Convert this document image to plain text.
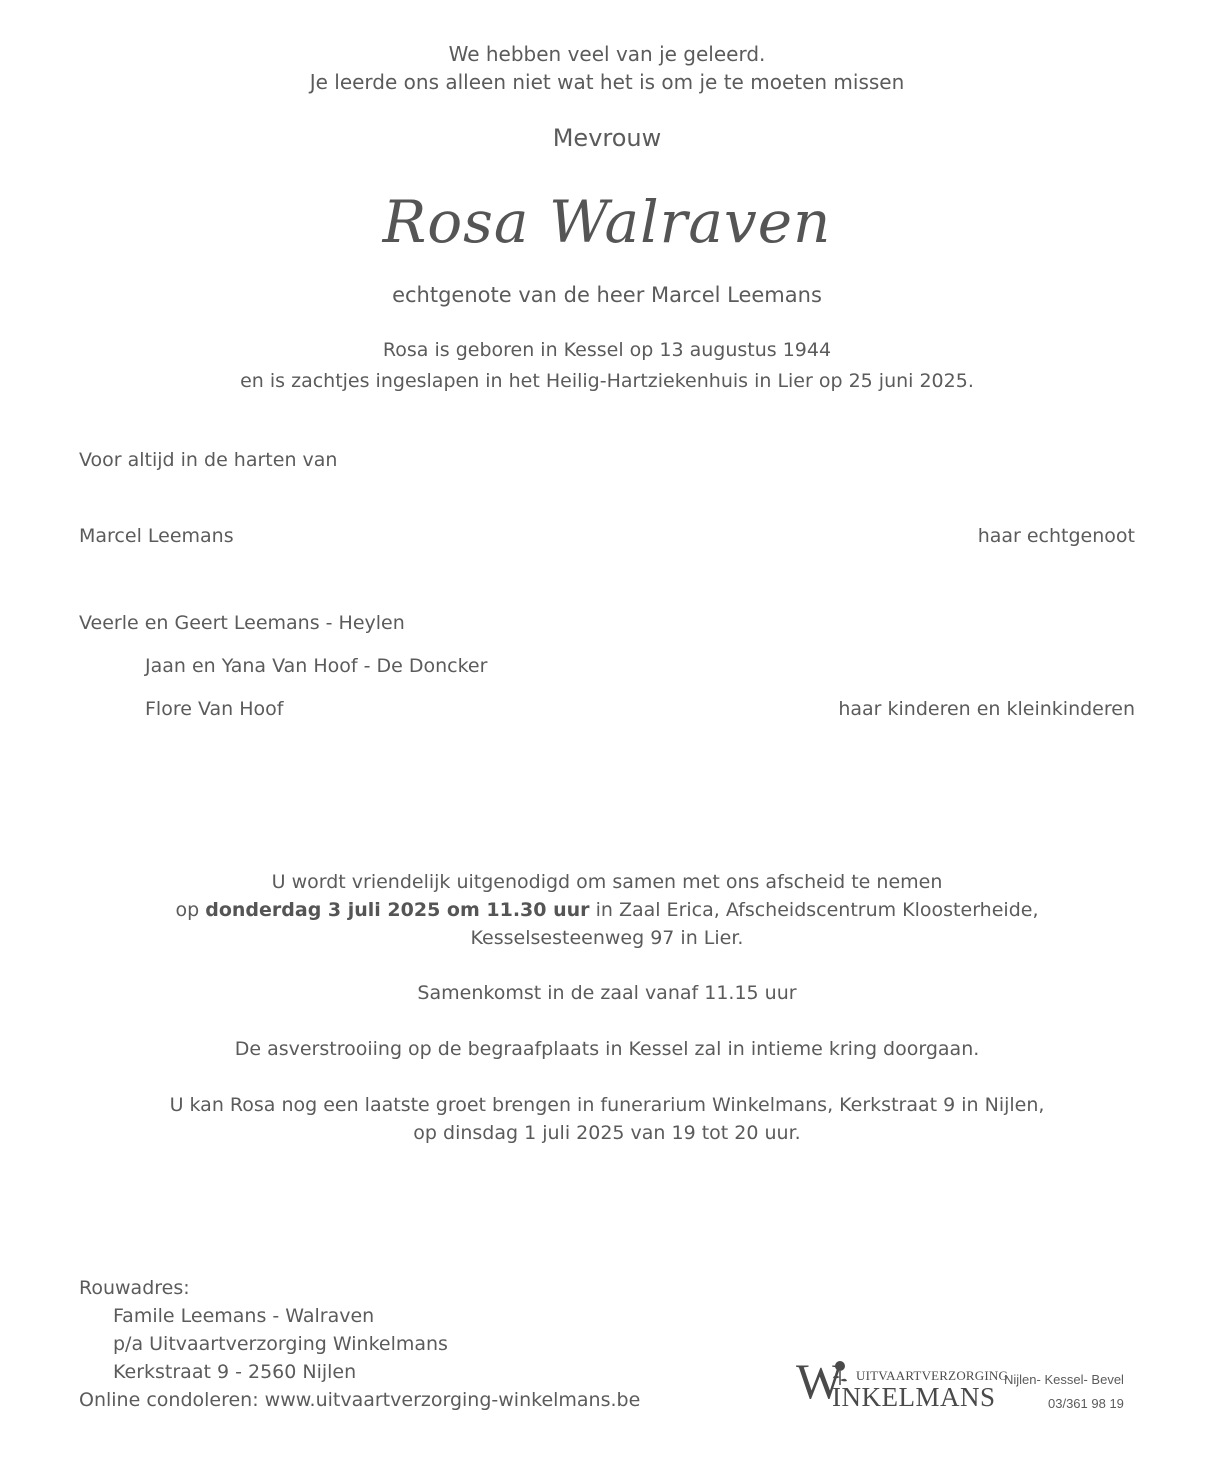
We hebben veel van je geleerd.
Je leerde ons alleen niet wat het is om je te moeten missen
Mevrouw
Rosa Walraven
echtgenote van de heer Marcel Leemans
Rosa is geboren in Kessel op 13 augustus 1944
en is zachtjes ingeslapen in het Heilig-Hartziekenhuis in Lier op 25 juni 2025.
Voor altijd in de harten van
Marcel Leemans	haar echtgenoot
Veerle en Geert Leemans - Heylen
Jaan en Yana Van Hoof - De Doncker
Flore Van Hoof	haar kinderen en kleinkinderen
U wordt vriendelijk uitgenodigd om samen met ons afscheid te nemen
op donderdag 3 juli 2025 om 11.30 uur in Zaal Erica, Afscheidscentrum Kloosterheide,
Kesselsesteenweg 97 in Lier.
Samenkomst in de zaal vanaf 11.15 uur
De asverstrooiing op de begraafplaats in Kessel zal in intieme kring doorgaan.
U kan Rosa nog een laatste groet brengen in funerarium Winkelmans, Kerkstraat 9 in Nijlen,
op dinsdag 1 juli 2025 van 19 tot 20 uur.
Rouwadres:
Famile Leemans - Walraven
p/a Uitvaartverzorging Winkelmans
Kerkstraat 9 - 2560 Nijlen
Online condoleren: www.uitvaartverzorging-winkelmans.be	W UITVAARTVERZORGING
INKELMANS
Nijlen- Kessel- Bevel
03/361 98 19
